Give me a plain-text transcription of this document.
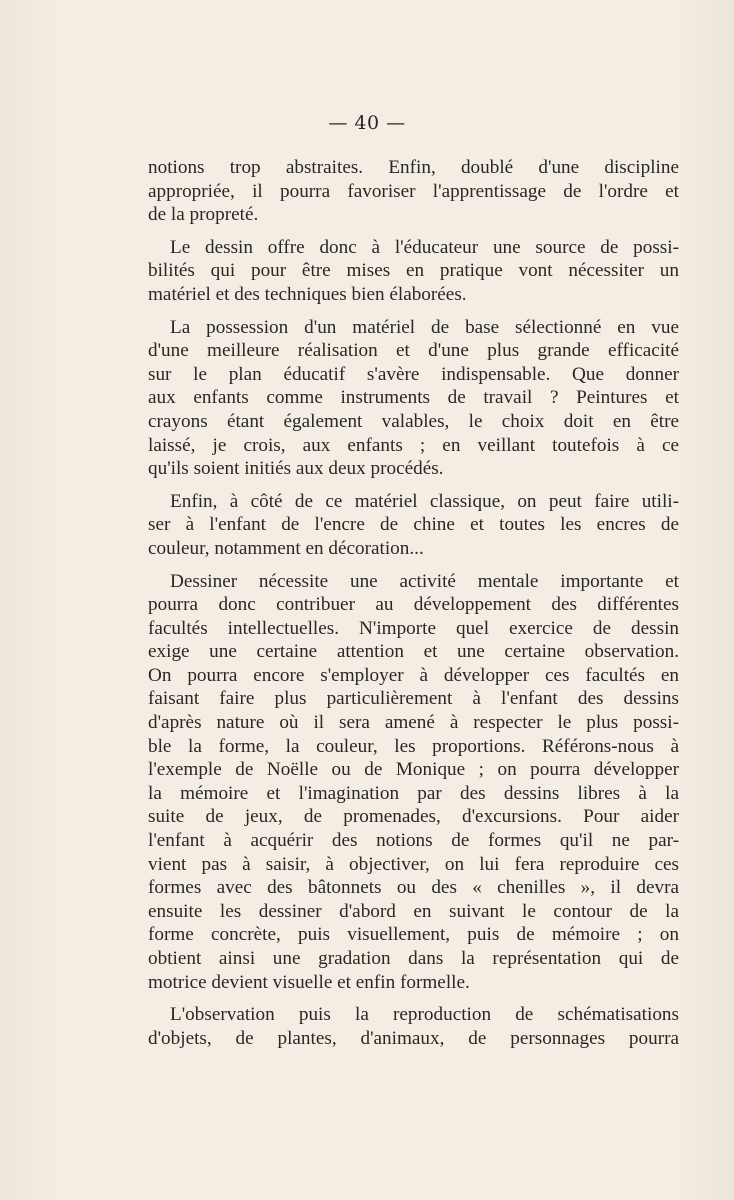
— 40 —

notions trop abstraites. Enfin, doublé d'une discipline
appropriée, il pourra favoriser l'apprentissage de l'ordre et
de la propreté.

Le dessin offre donc à l'éducateur une source de possi-
bilités qui pour être mises en pratique vont nécessiter un
matériel et des techniques bien élaborées.

La possession d'un matériel de base sélectionné en vue
d'une meilleure réalisation et d'une plus grande efficacité
sur le plan éducatif s'avère indispensable. Que donner
aux enfants comme instruments de travail ? Peintures et
crayons étant également valables, le choix doit en être
laissé, je crois, aux enfants ; en veillant toutefois à ce
qu'ils soient initiés aux deux procédés.

Enfin, à côté de ce matériel classique, on peut faire utili-
ser à l'enfant de l'encre de chine et toutes les encres de
couleur, notamment en décoration...

Dessiner nécessite une activité mentale importante et
pourra donc contribuer au développement des différentes
facultés intellectuelles. N'importe quel exercice de dessin
exige une certaine attention et une certaine observation.
On pourra encore s'employer à développer ces facultés en
faisant faire plus particulièrement à l'enfant des dessins
d'après nature où il sera amené à respecter le plus possi-
ble la forme, la couleur, les proportions. Référons-nous à
l'exemple de Noëlle ou de Monique ; on pourra développer
la mémoire et l'imagination par des dessins libres à la
suite de jeux, de promenades, d'excursions. Pour aider
l'enfant à acquérir des notions de formes qu'il ne par-
vient pas à saisir, à objectiver, on lui fera reproduire ces
formes avec des bâtonnets ou des « chenilles », il devra
ensuite les dessiner d'abord en suivant le contour de la
forme concrète, puis visuellement, puis de mémoire ; on
obtient ainsi une gradation dans la représentation qui de
motrice devient visuelle et enfin formelle.

L'observation puis la reproduction de schématisations
d'objets, de plantes, d'animaux, de personnages pourra
